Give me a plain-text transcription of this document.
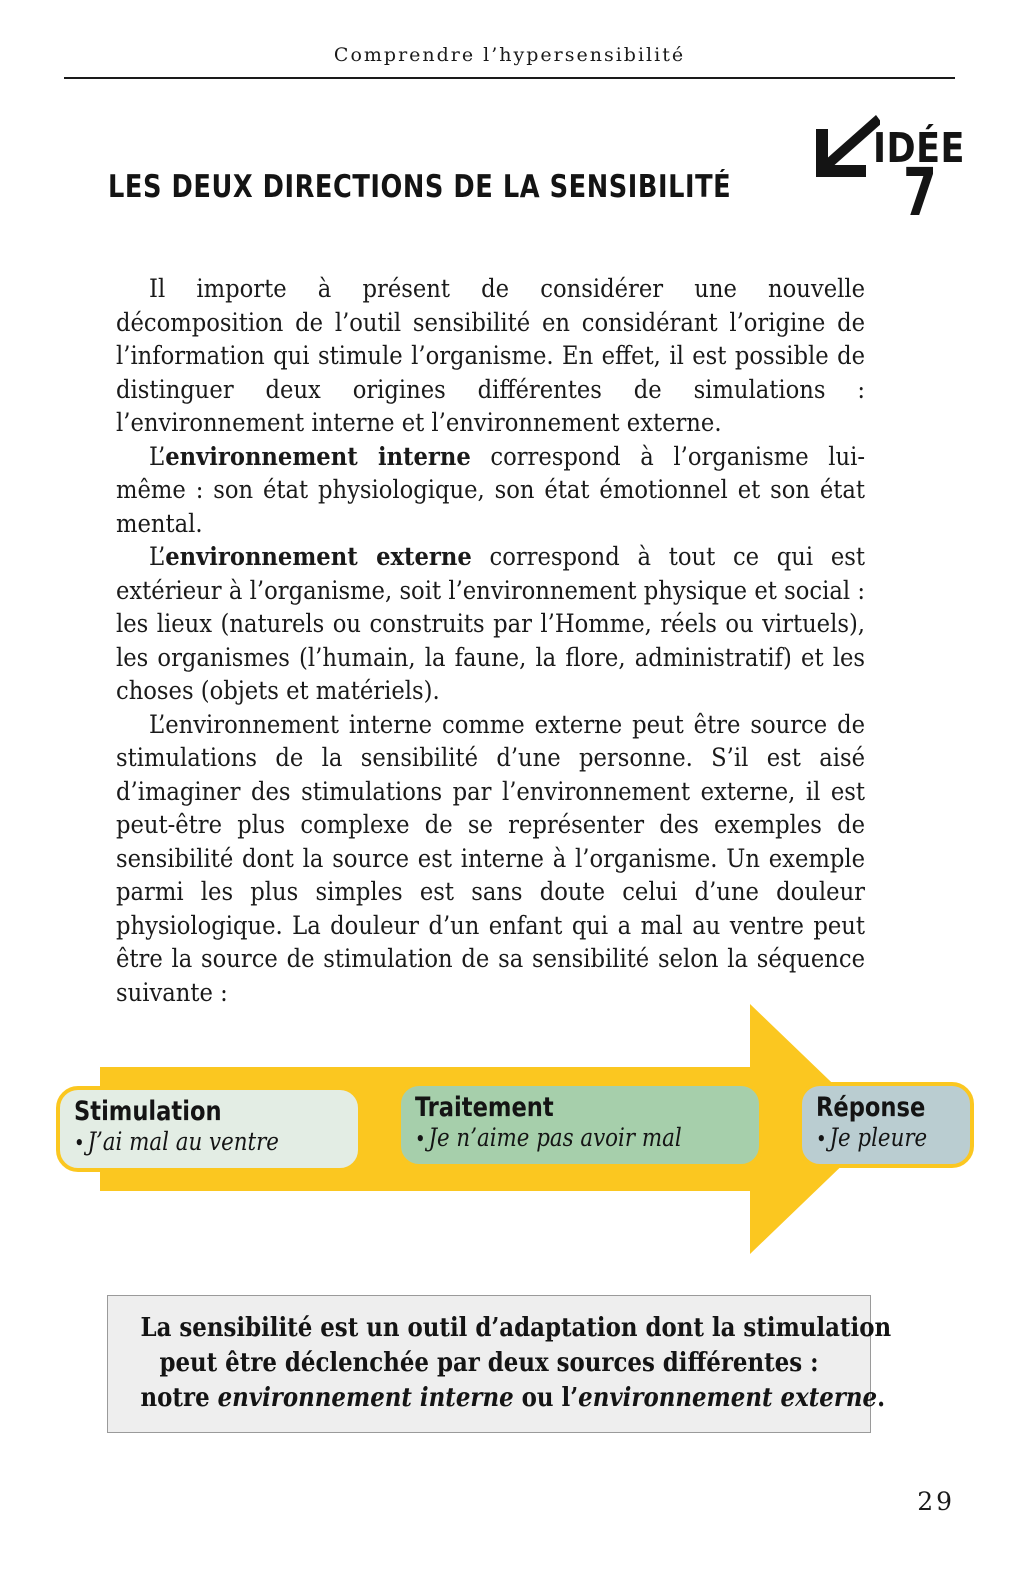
Comprendre l’hypersensibilité
LES DEUX DIRECTIONS DE LA SENSIBILITÉ
IDÉE
7

Il importe à présent de considérer une nouvelle décomposition de l’outil sensibilité en considérant l’origine de l’information qui stimule l’organisme. En effet, il est possible de distinguer deux origines différentes de simulations : l’environnement interne et l’environnement externe.

L’environnement interne correspond à l’organisme lui-même : son état physiologique, son état émotionnel et son état mental.

L’environnement externe correspond à tout ce qui est extérieur à l’organisme, soit l’environnement physique et social : les lieux (naturels ou construits par l’Homme, réels ou virtuels), les organismes (l’humain, la faune, la flore, administratif) et les choses (objets et matériels).

L’environnement interne comme externe peut être source de stimulations de la sensibilité d’une personne. S’il est aisé d’imaginer des stimulations par l’environnement externe, il est peut-être plus complexe de se représenter des exemples de sensibilité dont la source est interne à l’organisme. Un exemple parmi les plus simples est sans doute celui d’une douleur physiologique. La douleur d’un enfant qui a mal au ventre peut être la source de stimulation de sa sensibilité selon la séquence suivante :

Stimulation
• J’ai mal au ventre
Traitement
• Je n’aime pas avoir mal
Réponse
• Je pleure
La sensibilité est un outil d’adaptation dont la stimulation
peut être déclenchée par deux sources différentes :
notre environnement interne ou l’environnement externe.
29
